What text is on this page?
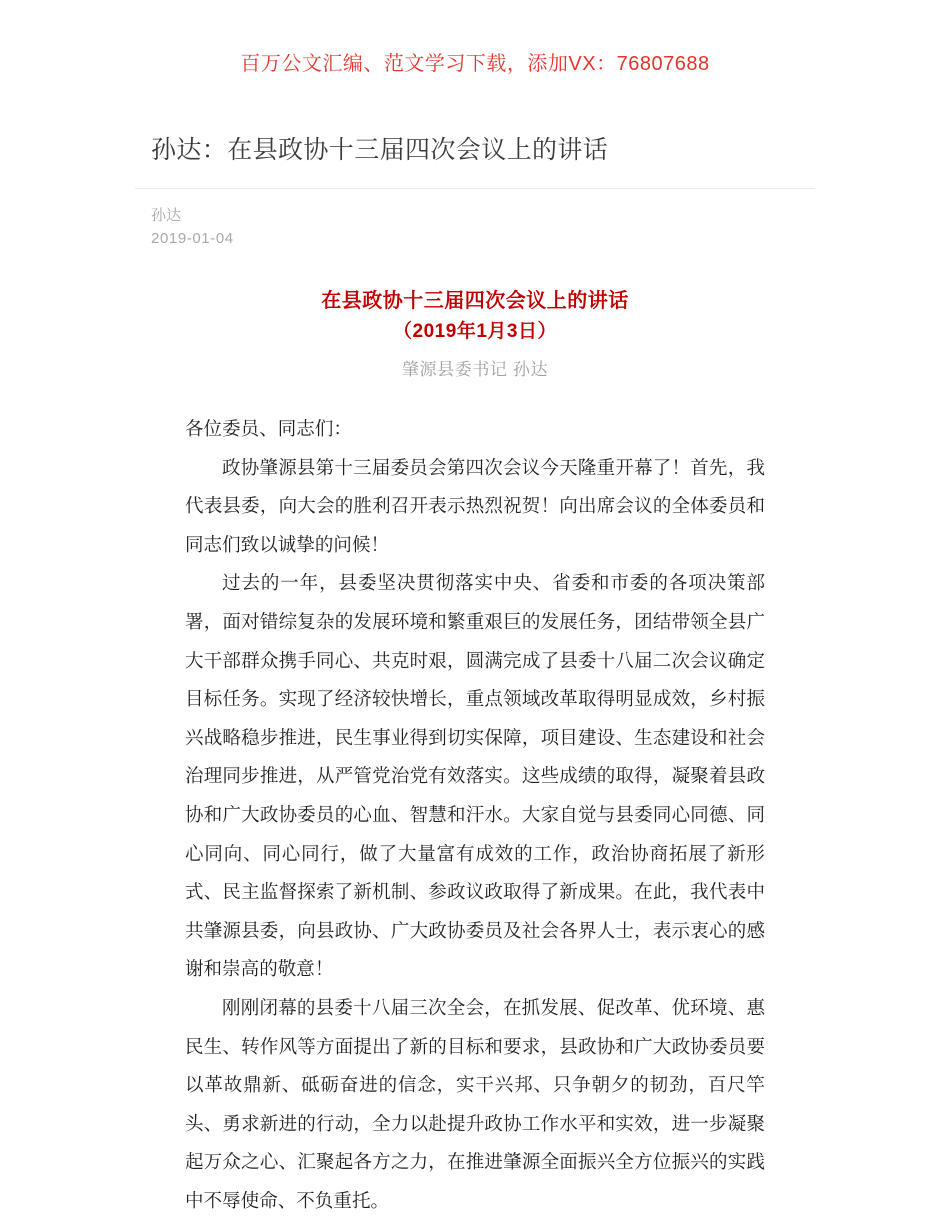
百万公文汇编、范文学习下载，添加VX：76807688
孙达：在县政协十三届四次会议上的讲话
孙达
2019-01-04
在县政协十三届四次会议上的讲话
（2019年1月3日）
肇源县委书记 孙达

各位委员、同志们：

政协肇源县第十三届委员会第四次会议今天隆重开幕了！首先，我代表县委，向大会的胜利召开表示热烈祝贺！向出席会议的全体委员和同志们致以诚挚的问候！

过去的一年，县委坚决贯彻落实中央、省委和市委的各项决策部署，面对错综复杂的发展环境和繁重艰巨的发展任务，团结带领全县广大干部群众携手同心、共克时艰，圆满完成了县委十八届二次会议确定目标任务。实现了经济较快增长，重点领域改革取得明显成效，乡村振兴战略稳步推进，民生事业得到切实保障，项目建设、生态建设和社会治理同步推进，从严管党治党有效落实。这些成绩的取得，凝聚着县政协和广大政协委员的心血、智慧和汗水。大家自觉与县委同心同德、同心同向、同心同行，做了大量富有成效的工作，政治协商拓展了新形式、民主监督探索了新机制、参政议政取得了新成果。在此，我代表中共肇源县委，向县政协、广大政协委员及社会各界人士，表示衷心的感谢和崇高的敬意！

刚刚闭幕的县委十八届三次全会，在抓发展、促改革、优环境、惠民生、转作风等方面提出了新的目标和要求，县政协和广大政协委员要以革故鼎新、砥砺奋进的信念，实干兴邦、只争朝夕的韧劲，百尺竿头、勇求新进的行动，全力以赴提升政协工作水平和实效，进一步凝聚起万众之心、汇聚起各方之力，在推进肇源全面振兴全方位振兴的实践中不辱使命、不负重托。
